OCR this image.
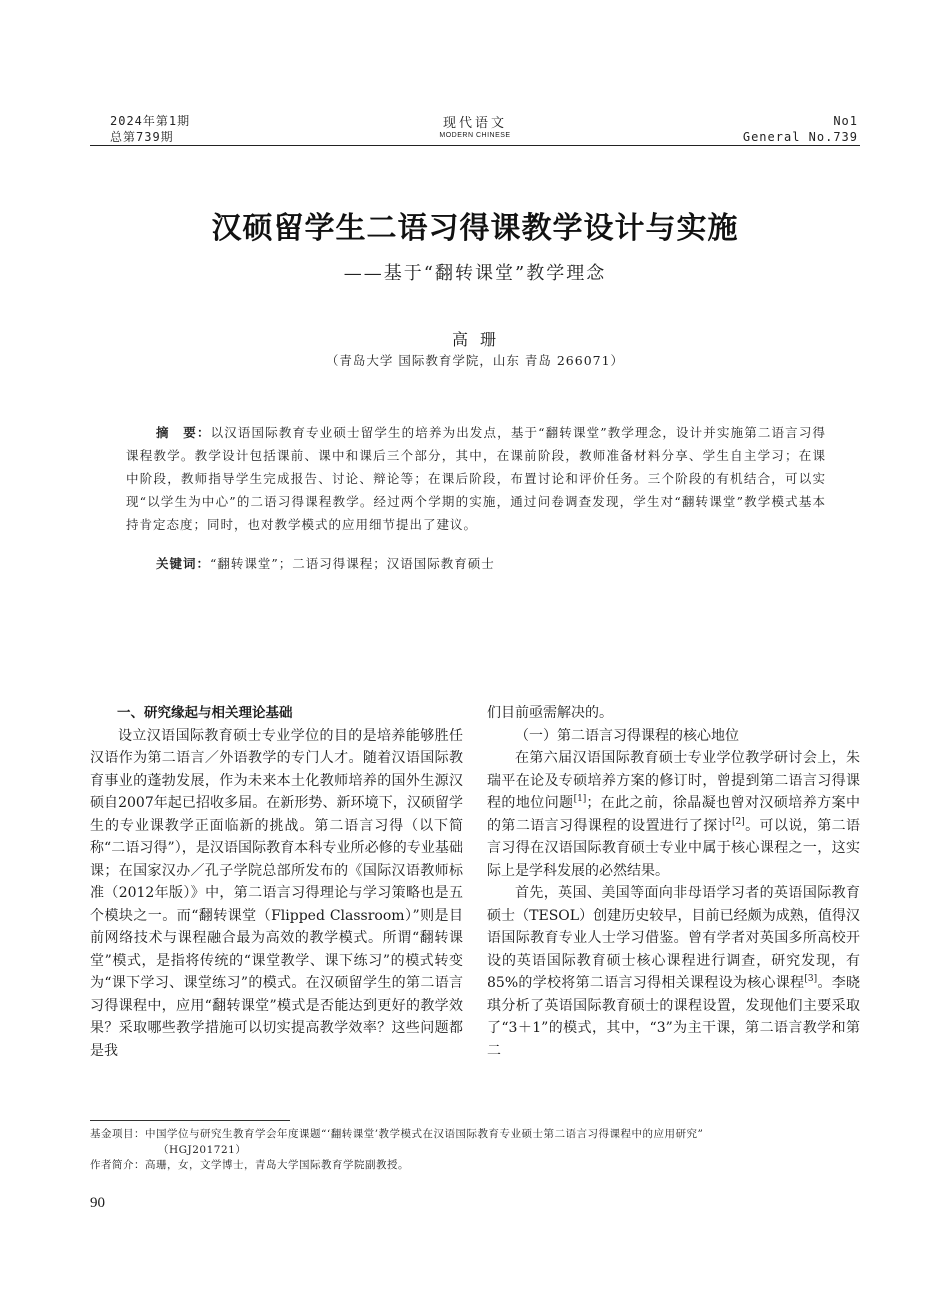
2024年第1期
总第739期
现代语文
MODERN CHINESE
No1
General No.739
汉硕留学生二语习得课教学设计与实施
——基于“翻转课堂”教学理念
高珊
（青岛大学 国际教育学院，山东 青岛 266071）
摘　要：以汉语国际教育专业硕士留学生的培养为出发点，基于“翻转课堂”教学理念，设计并实施第二语言习得课程教学。教学设计包括课前、课中和课后三个部分，其中，在课前阶段，教师准备材料分享、学生自主学习；在课中阶段，教师指导学生完成报告、讨论、辩论等；在课后阶段，布置讨论和评价任务。三个阶段的有机结合，可以实现“以学生为中心”的二语习得课程教学。经过两个学期的实施，通过问卷调查发现，学生对“翻转课堂”教学模式基本持肯定态度；同时，也对教学模式的应用细节提出了建议。
关键词：“翻转课堂”；二语习得课程；汉语国际教育硕士

一、研究缘起与相关理论基础

设立汉语国际教育硕士专业学位的目的是培养能够胜任汉语作为第二语言／外语教学的专门人才。随着汉语国际教育事业的蓬勃发展，作为未来本土化教师培养的国外生源汉硕自2007年起已招收多届。在新形势、新环境下，汉硕留学生的专业课教学正面临新的挑战。第二语言习得（以下简称“二语习得”），是汉语国际教育本科专业所必修的专业基础课；在国家汉办／孔子学院总部所发布的《国际汉语教师标准（2012年版）》中，第二语言习得理论与学习策略也是五个模块之一。而“翻转课堂（Flipped Classroom）”则是目前网络技术与课程融合最为高效的教学模式。所谓“翻转课堂”模式，是指将传统的“课堂教学、课下练习”的模式转变为“课下学习、课堂练习”的模式。在汉硕留学生的第二语言习得课程中，应用“翻转课堂”模式是否能达到更好的教学效果？采取哪些教学措施可以切实提高教学效率？这些问题都是我

们目前亟需解决的。

（一）第二语言习得课程的核心地位

在第六届汉语国际教育硕士专业学位教学研讨会上，朱瑞平在论及专硕培养方案的修订时，曾提到第二语言习得课程的地位问题[1]；在此之前，徐晶凝也曾对汉硕培养方案中的第二语言习得课程的设置进行了探讨[2]。可以说，第二语言习得在汉语国际教育硕士专业中属于核心课程之一，这实际上是学科发展的必然结果。

首先，英国、美国等面向非母语学习者的英语国际教育硕士（TESOL）创建历史较早，目前已经颇为成熟，值得汉语国际教育专业人士学习借鉴。曾有学者对英国多所高校开设的英语国际教育硕士核心课程进行调查，研究发现，有85%的学校将第二语言习得相关课程设为核心课程[3]。李晓琪分析了英语国际教育硕士的课程设置，发现他们主要采取了“3＋1”的模式，其中，“3”为主干课，第二语言教学和第二

基金项目：中国学位与研究生教育学会年度课题“‘翻转课堂’教学模式在汉语国际教育专业硕士第二语言习得课程中的应用研究”
（HGJ201721）
作者简介：高珊，女，文学博士，青岛大学国际教育学院副教授。
90
